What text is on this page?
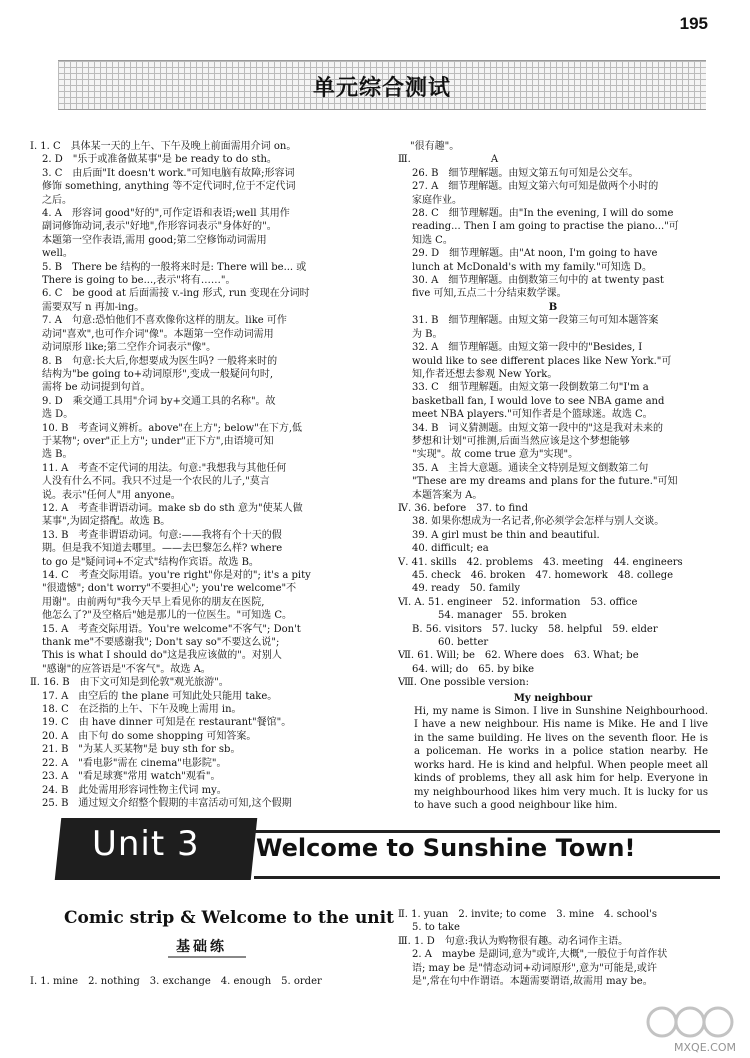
195
单元综合测试
Ⅰ. 1. C　具体某一天的上午、下午及晚上前面需用介词 on。
2. D　"乐于或准备做某事"是 be ready to do sth。
3. C　由后面"It doesn't work."可知电脑有故障;形容词
修饰 something, anything 等不定代词时,位于不定代词
之后。
4. A　形容词 good"好的",可作定语和表语;well 其用作
副词修饰动词,表示"好地",作形容词表示"身体好的"。
本题第一空作表语,需用 good;第二空修饰动词需用
well。
5. B　There be 结构的一般将来时是: There will be... 或
There is going to be...,表示"将有……"。
6. C　be good at 后面需接 v.-ing 形式, run 变现在分词时
需要双写 n 再加-ing。
7. A　句意:恐怕他们不喜欢像你这样的朋友。like 可作
动词"喜欢",也可作介词"像"。本题第一空作动词需用
动词原形 like;第二空作介词表示"像"。
8. B　句意:长大后,你想要成为医生吗? 一般将来时的
结构为"be going to+动词原形",变成一般疑问句时,
需将 be 动词提到句首。
9. D　乘交通工具用"介词 by+交通工具的名称"。故
选 D。
10. B　考查词义辨析。above"在上方"; below"在下方,低
于某物"; over"正上方"; under"正下方",由语境可知
选 B。
11. A　考查不定代词的用法。句意:"我想我与其他任何
人没有什么不同。我只不过是一个农民的儿子,"莫言
说。表示"任何人"用 anyone。
12. A　考查非谓语动词。make sb do sth 意为"使某人做
某事",为固定搭配。故选 B。
13. B　考查非谓语动词。句意:——我将有个十天的假
期。但是我不知道去哪里。——去巴黎怎么样? where
to go 是"疑问词+不定式"结构作宾语。故选 B。
14. C　考查交际用语。you're right"你是对的"; it's a pity
"很遗憾"; don't worry"不要担心"; you're welcome"不
用谢"。由前两句"我今天早上看见你的朋友在医院,
他怎么了?"及空格后"她是那儿的一位医生。"可知选 C。
15. A　考查交际用语。You're welcome"不客气"; Don't
thank me"不要感谢我"; Don't say so"不要这么说";
This is what I should do"这是我应该做的"。对别人
"感谢"的应答语是"不客气"。故选 A。
Ⅱ. 16. B　由下文可知是到伦敦"观光旅游"。
17. A　由空后的 the plane 可知此处只能用 take。
18. C　在泛指的上午、下午及晚上需用 in。
19. C　由 have dinner 可知是在 restaurant"餐馆"。
20. A　由下句 do some shopping 可知答案。
21. B　"为某人买某物"是 buy sth for sb。
22. A　"看电影"需在 cinema"电影院"。
23. A　"看足球赛"常用 watch"观看"。
24. B　此处需用形容词性物主代词 my。
25. B　通过短文介绍整个假期的丰富活动可知,这个假期
"很有趣"。
Ⅲ.　　　　　　　　A
26. B　细节理解题。由短文第五句可知是公交车。
27. A　细节理解题。由短文第六句可知是做两个小时的
家庭作业。
28. C　细节理解题。由"In the evening, I will do some
reading... Then I am going to practise the piano..."可
知选 C。
29. D　细节理解题。由"At noon, I'm going to have
lunch at McDonald's with my family."可知选 D。
30. A　细节理解题。由倒数第三句中的 at twenty past
five 可知,五点二十分结束数学课。
B
31. B　细节理解题。由短文第一段第三句可知本题答案
为 B。
32. A　细节理解题。由短文第一段中的"Besides, I
would like to see different places like New York."可
知,作者还想去参观 New York。
33. C　细节理解题。由短文第一段倒数第二句"I'm a
basketball fan, I would love to see NBA game and
meet NBA players."可知作者是个篮球迷。故选 C。
34. B　词义猜测题。由短文第一段中的"这是我对未来的
梦想和计划"可推测,后面当然应该是这个梦想能够
"实现"。故 come true 意为"实现"。
35. A　主旨大意题。通读全文特别是短文倒数第二句
"These are my dreams and plans for the future."可知
本题答案为 A。
Ⅳ. 36. before　37. to find
38. 如果你想成为一名记者,你必须学会怎样与别人交谈。
39. A girl must be thin and beautiful.
40. difficult; ea
Ⅴ. 41. skills　42. problems　43. meeting　44. engineers
45. check　46. broken　47. homework　48. college
49. ready　50. family
Ⅵ. A. 51. engineer　52. information　53. office
54. manager　55. broken
B. 56. visitors　57. lucky　58. helpful　59. elder
60. better
Ⅶ. 61. Will; be　62. Where does　63. What; be
64. will; do　65. by bike
Ⅷ. One possible version:
My neighbour
Hi, my name is Simon. I live in Sunshine Neighbourhood. I have a new neighbour. His name is Mike. He and I live in the same building. He lives on the seventh floor. He is a policeman. He works in a police station nearby. He works hard. He is kind and helpful. When people meet all kinds of problems, they all ask him for help. Everyone in my neighbourhood likes him very much. It is lucky for us to have such a good neighbour like him.
Unit 3 Welcome to Sunshine Town!
Comic strip & Welcome to the unit
基础练
Ⅰ. 1. mine　2. nothing　3. exchange　4. enough　5. order
Ⅱ. 1. yuan　2. invite; to come　3. mine　4. school's
5. to take
Ⅲ. 1. D　句意:我认为购物很有趣。动名词作主语。
2. A　maybe 是副词,意为"或许,大概",一般位于句首作状
语; may be 是"情态动词+动词原形",意为"可能是,或许
是",常在句中作谓语。本题需要谓语,故需用 may be。
MXQE.COM
